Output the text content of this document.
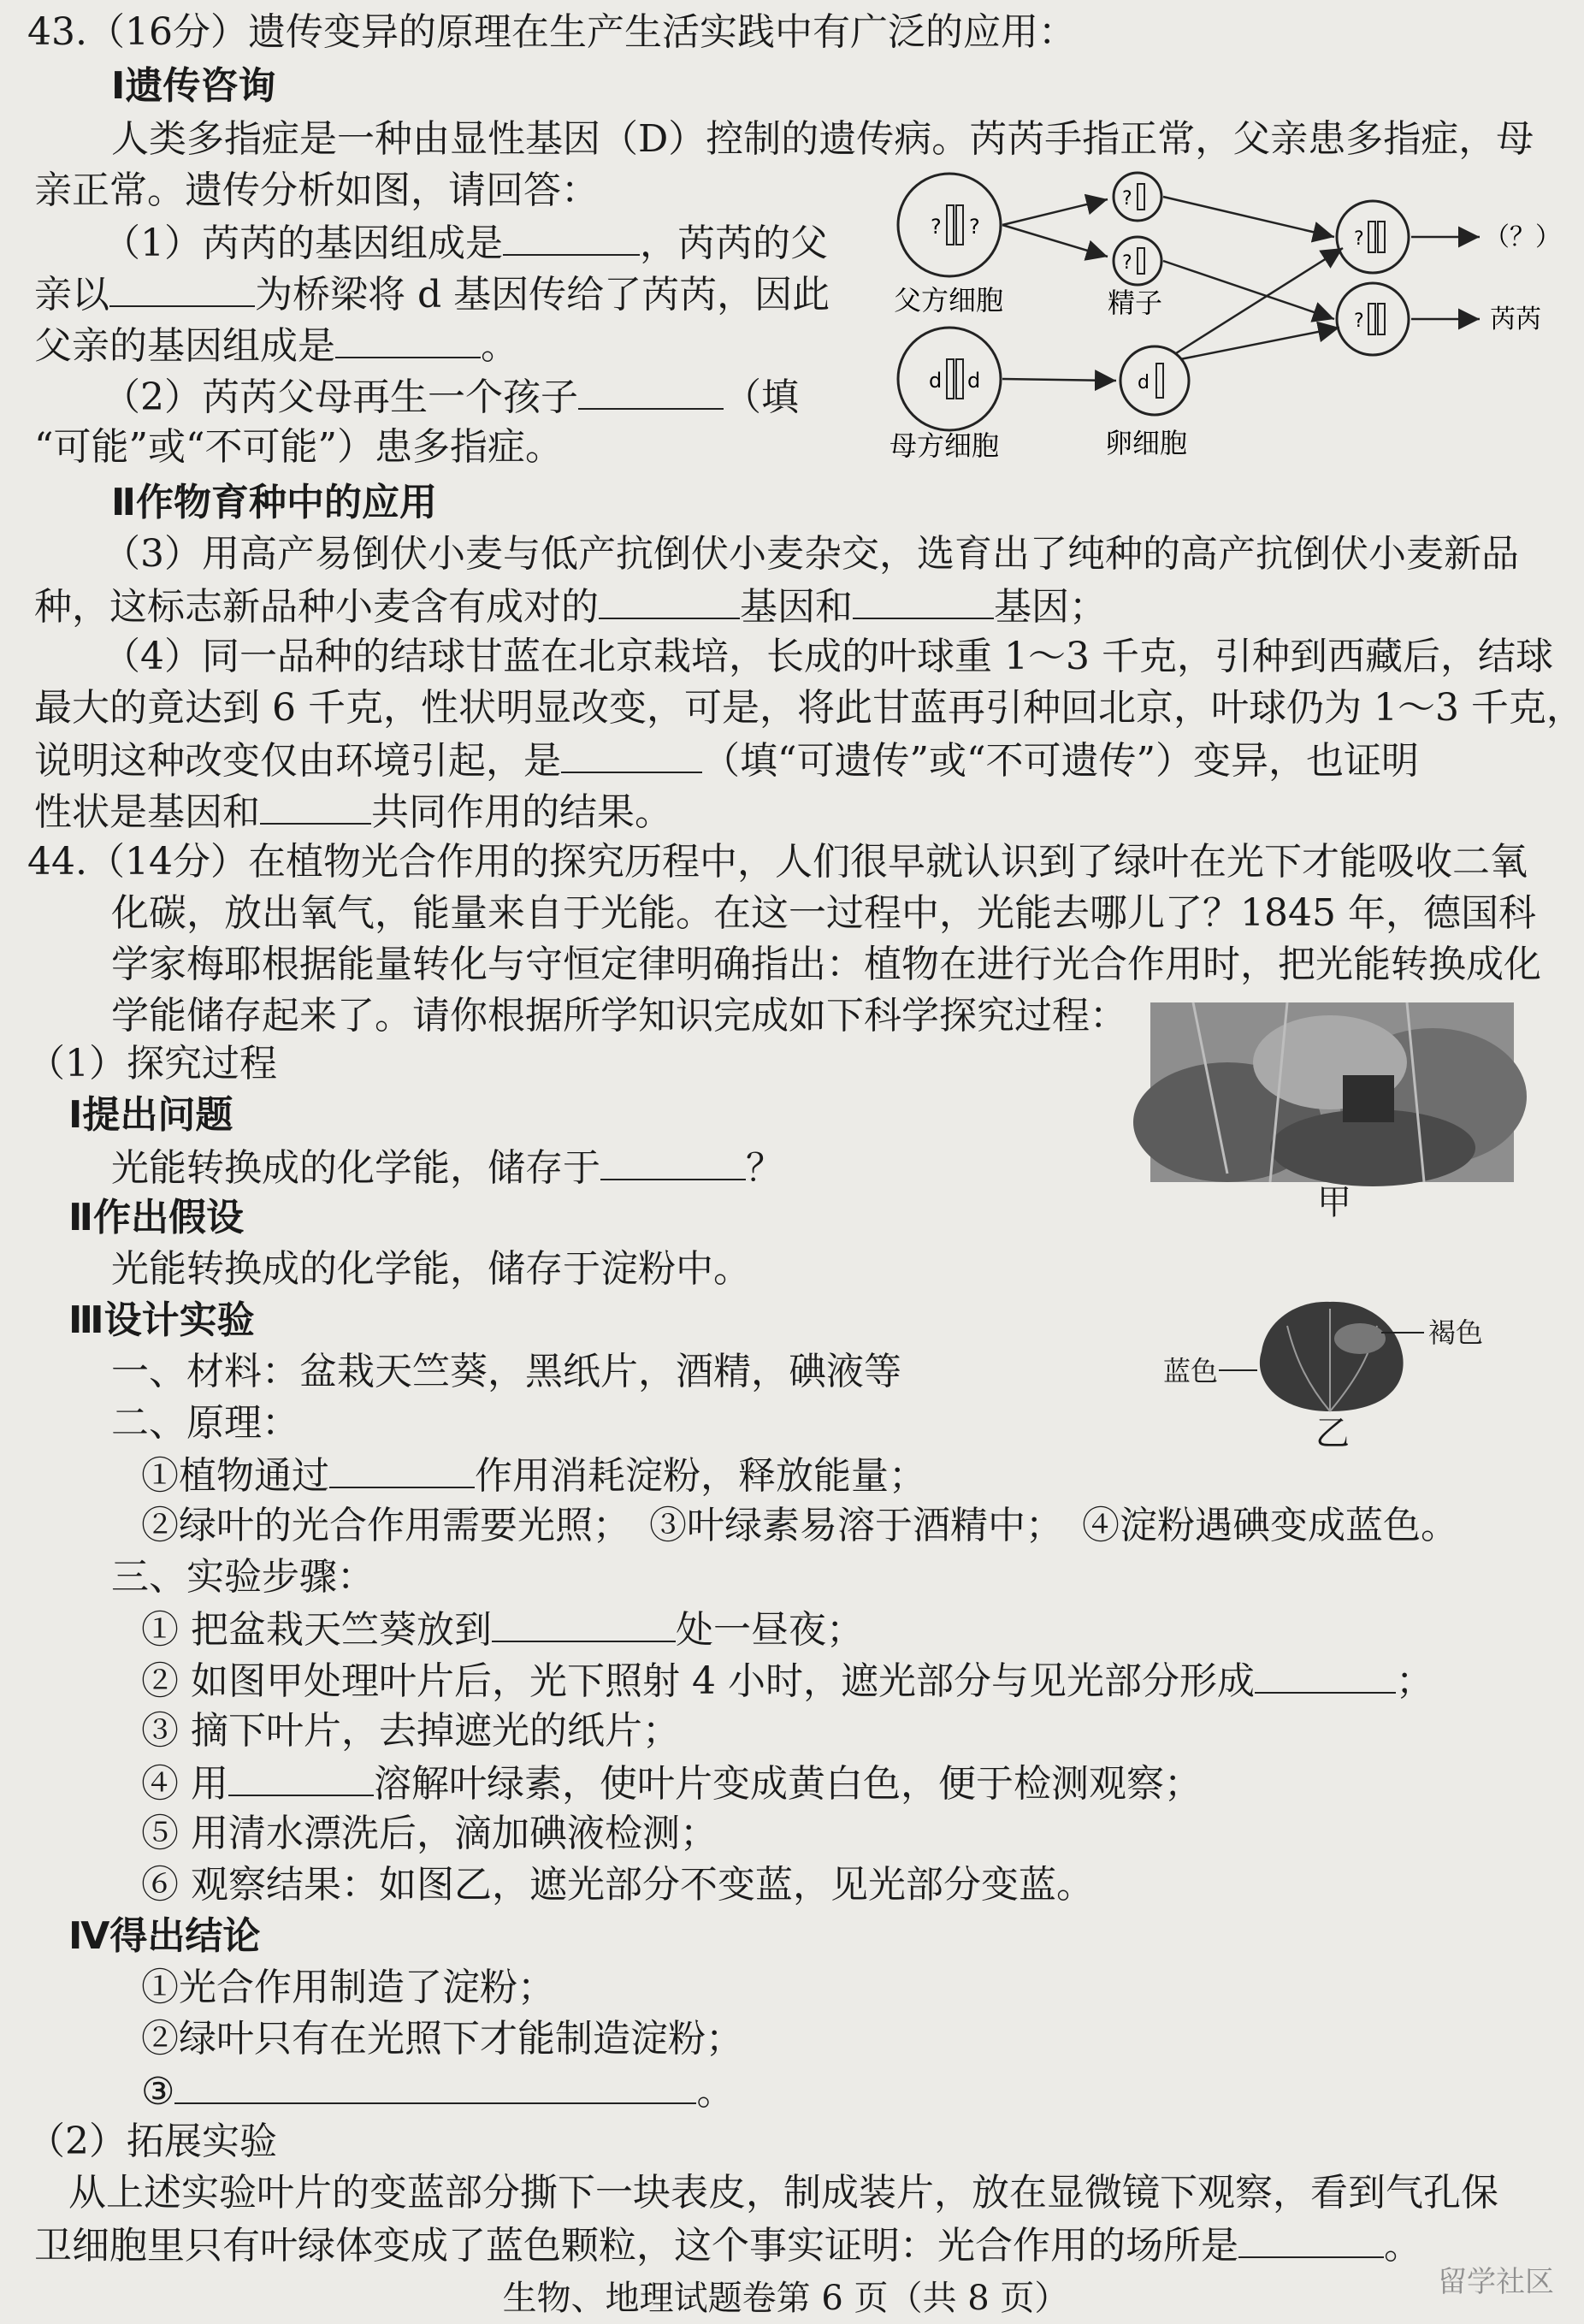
43.（16分）遗传变异的原理在生产生活实践中有广泛的应用：
Ⅰ遗传咨询
人类多指症是一种由显性基因（D）控制的遗传病。芮芮手指正常，父亲患多指症，母
亲正常。遗传分析如图，请回答：
（1）芮芮的基因组成是	，芮芮的父
亲以	为桥梁将 d 基因传给了芮芮，因此
父亲的基因组成是	。
（2）芮芮父母再生一个孩子	（填
“可能”或“不可能”）患多指症。
? ?
父方细胞
d d
母方细胞
?
?
精子
d
卵细胞
?
?
（？）
芮芮
Ⅱ作物育种中的应用
（3）用高产易倒伏小麦与低产抗倒伏小麦杂交，选育出了纯种的高产抗倒伏小麦新品
种，这标志新品种小麦含有成对的	基因和	基因；
（4）同一品种的结球甘蓝在北京栽培，长成的叶球重 1～3 千克，引种到西藏后，结球
最大的竟达到 6 千克，性状明显改变，可是，将此甘蓝再引种回北京，叶球仍为 1～3 千克，
说明这种改变仅由环境引起，是	（填“可遗传”或“不可遗传”）变异，也证明
性状是基因和	共同作用的结果。
44.（14分）在植物光合作用的探究历程中，人们很早就认识到了绿叶在光下才能吸收二氧
化碳，放出氧气，能量来自于光能。在这一过程中，光能去哪儿了？1845 年，德国科
学家梅耶根据能量转化与守恒定律明确指出：植物在进行光合作用时，把光能转换成化
学能储存起来了。请你根据所学知识完成如下科学探究过程：
甲
（1）探究过程
Ⅰ提出问题
光能转换成的化学能，储存于	？
Ⅱ作出假设
光能转换成的化学能，储存于淀粉中。
Ⅲ设计实验	褐色
蓝色
乙
一、材料：盆栽天竺葵，黑纸片，酒精，碘液等
二、原理：
①植物通过	作用消耗淀粉，释放能量；
②绿叶的光合作用需要光照；　③叶绿素易溶于酒精中；　④淀粉遇碘变成蓝色。
三、实验步骤：
① 把盆栽天竺葵放到	处一昼夜；
② 如图甲处理叶片后，光下照射 4 小时，遮光部分与见光部分形成	；
③ 摘下叶片，去掉遮光的纸片；
④ 用	溶解叶绿素，使叶片变成黄白色，便于检测观察；
⑤ 用清水漂洗后，滴加碘液检测；
⑥ 观察结果：如图乙，遮光部分不变蓝，见光部分变蓝。
Ⅳ得出结论
①光合作用制造了淀粉；
②绿叶只有在光照下才能制造淀粉；
③	。
（2）拓展实验
从上述实验叶片的变蓝部分撕下一块表皮，制成装片，放在显微镜下观察，看到气孔保
卫细胞里只有叶绿体变成了蓝色颗粒，这个事实证明：光合作用的场所是	。
生物、地理试题卷第 6 页（共 8 页）	留学社区
